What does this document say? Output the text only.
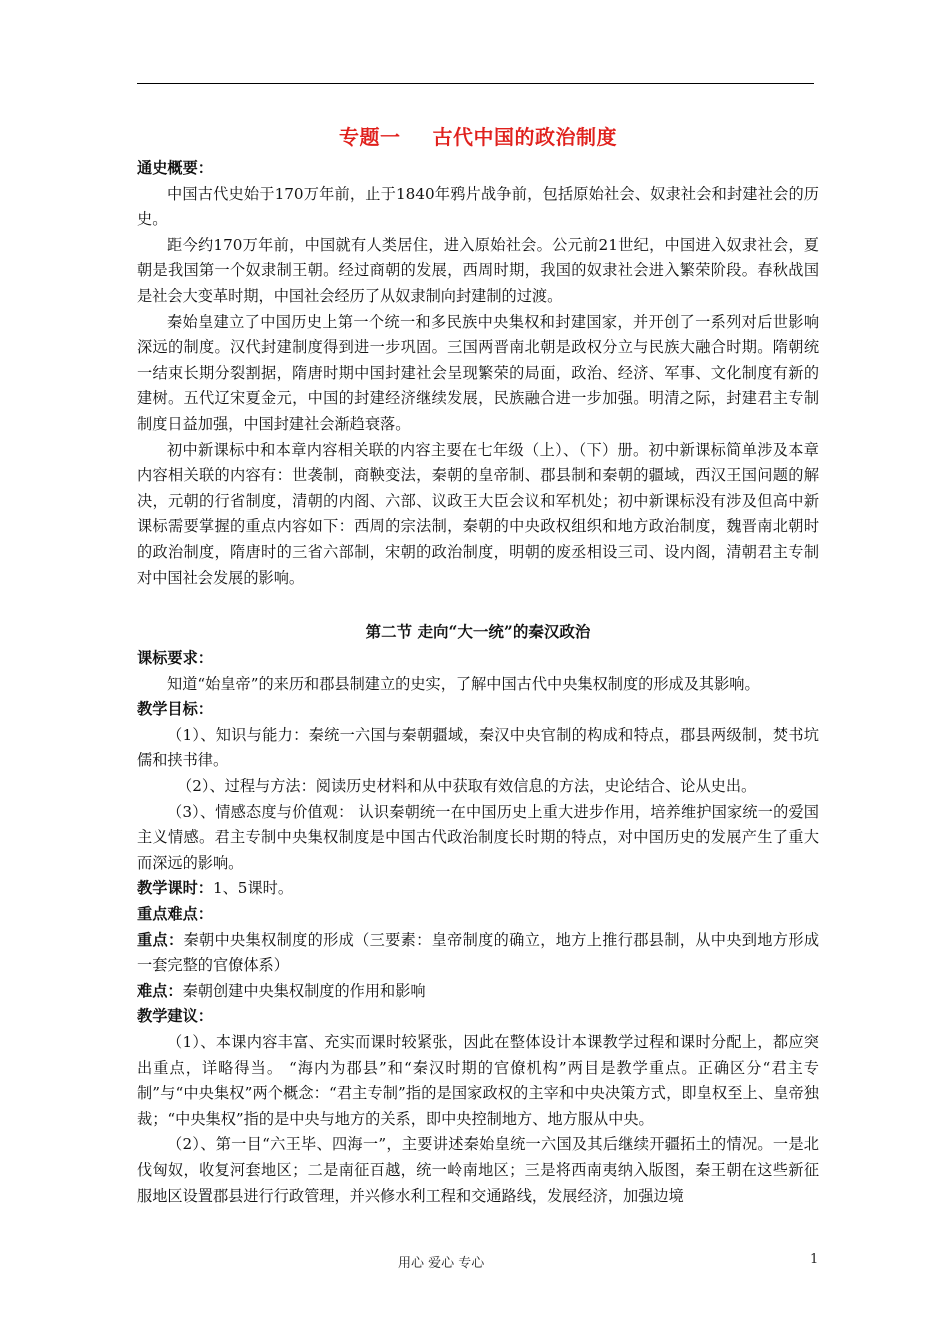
专题一 古代中国的政治制度

通史概要：

中国古代史始于170万年前，止于1840年鸦片战争前，包括原始社会、奴隶社会和封建社会的历史。

距今约170万年前，中国就有人类居住，进入原始社会。公元前21世纪，中国进入奴隶社会，夏朝是我国第一个奴隶制王朝。经过商朝的发展，西周时期，我国的奴隶社会进入繁荣阶段。春秋战国是社会大变革时期，中国社会经历了从奴隶制向封建制的过渡。

秦始皇建立了中国历史上第一个统一和多民族中央集权和封建国家，并开创了一系列对后世影响深远的制度。汉代封建制度得到进一步巩固。三国两晋南北朝是政权分立与民族大融合时期。隋朝统一结束长期分裂割据，隋唐时期中国封建社会呈现繁荣的局面，政治、经济、军事、文化制度有新的建树。五代辽宋夏金元，中国的封建经济继续发展，民族融合进一步加强。明清之际，封建君主专制制度日益加强，中国封建社会渐趋衰落。

初中新课标中和本章内容相关联的内容主要在七年级（上）、（下）册。初中新课标简单涉及本章内容相关联的内容有：世袭制，商鞅变法，秦朝的皇帝制、郡县制和秦朝的疆域，西汉王国问题的解决，元朝的行省制度，清朝的内阁、六部、议政王大臣会议和军机处；初中新课标没有涉及但高中新课标需要掌握的重点内容如下：西周的宗法制，秦朝的中央政权组织和地方政治制度，魏晋南北朝时的政治制度，隋唐时的三省六部制，宋朝的政治制度，明朝的废丞相设三司、设内阁，清朝君主专制对中国社会发展的影响。

第二节 走向“大一统”的秦汉政治

课标要求：

知道“始皇帝”的来历和郡县制建立的史实，了解中国古代中央集权制度的形成及其影响。

教学目标：

（1）、知识与能力：秦统一六国与秦朝疆域，秦汉中央官制的构成和特点，郡县两级制，焚书坑儒和挟书律。

（2）、过程与方法：阅读历史材料和从中获取有效信息的方法，史论结合、论从史出。

（3）、情感态度与价值观： 认识秦朝统一在中国历史上重大进步作用，培养维护国家统一的爱国主义情感。君主专制中央集权制度是中国古代政治制度长时期的特点，对中国历史的发展产生了重大而深远的影响。

教学课时：1、5课时。

重点难点：

重点：秦朝中央集权制度的形成（三要素：皇帝制度的确立，地方上推行郡县制，从中央到地方形成一套完整的官僚体系）

难点：秦朝创建中央集权制度的作用和影响

教学建议：

（1）、本课内容丰富、充实而课时较紧张，因此在整体设计本课教学过程和课时分配上，都应突出重点，详略得当。 “海内为郡县”和“秦汉时期的官僚机构”两目是教学重点。正确区分“君主专制”与“中央集权”两个概念：“君主专制”指的是国家政权的主宰和中央决策方式，即皇权至上、皇帝独裁；“中央集权”指的是中央与地方的关系，即中央控制地方、地方服从中央。

（2）、第一目“六王毕、四海一”，主要讲述秦始皇统一六国及其后继续开疆拓土的情况。一是北伐匈奴，收复河套地区；二是南征百越，统一岭南地区；三是将西南夷纳入版图，秦王朝在这些新征服地区设置郡县进行行政管理，并兴修水利工程和交通路线，发展经济，加强边境

用心 爱心 专心	1
